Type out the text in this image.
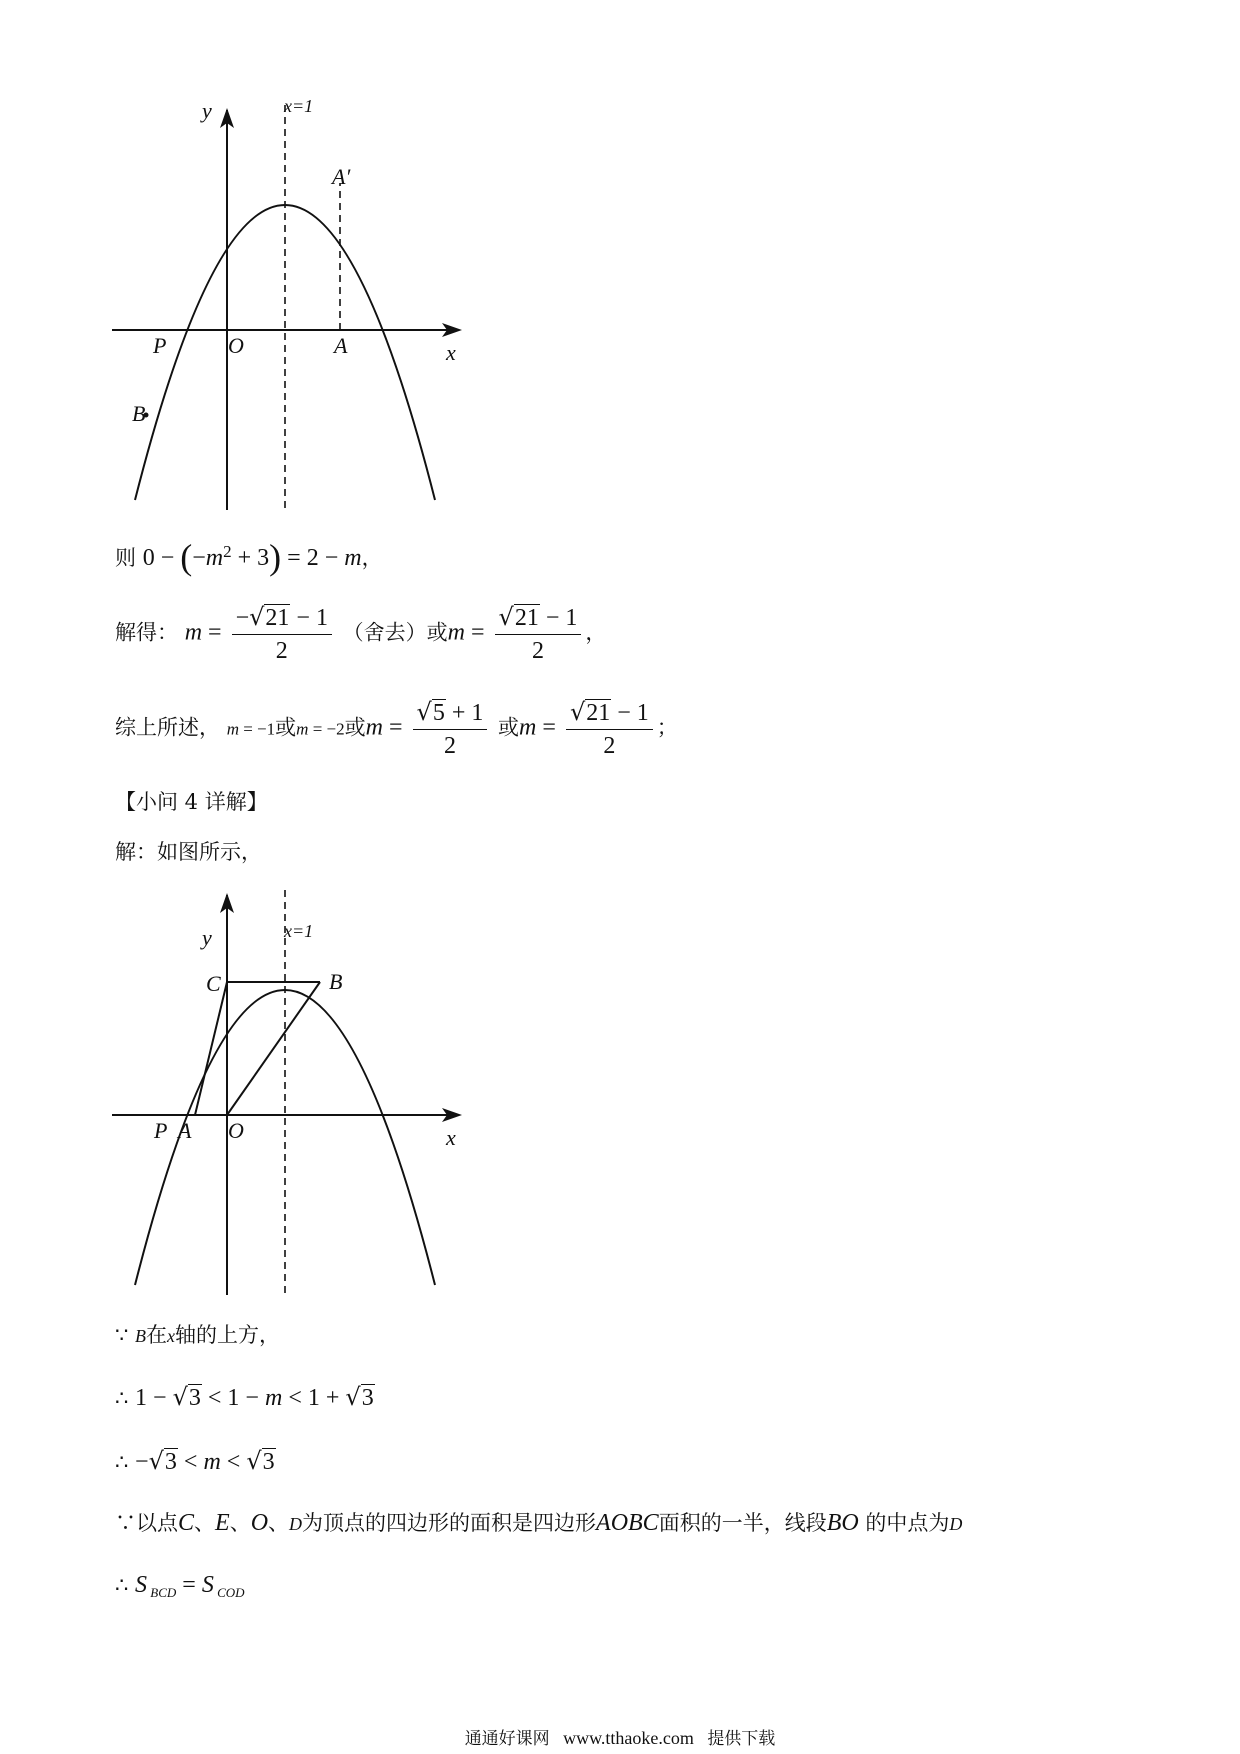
y	x=1
A′
P	O	A	x
B
则 $0 - (-m^2 + 3) = 2 - m$，
解得： $m = \frac{-√21 - 1}{2}$ （舍去）或$m = \frac{√21 - 1}{2}$ ，
综上所述， m = −1或m = −2或$m = \frac{√5 + 1}{2}$ 或$m = \frac{√21 - 1}{2}$ ；
【小问 4 详解】
解：如图所示，
y	x=1
C	B
P A O	x
∵ B在x轴的上方，
∴ 1 − √3 < 1 − m < 1 + √3
∴ −√3 < m < √3
∵以点C、E、O、D为顶点的四边形的面积是四边形AOBC面积的一半，线段BO 的中点为D
∴ S $_{BCD}$ = S $_{COD}$
通通好课网 www.tthaoke.com 提供下载
